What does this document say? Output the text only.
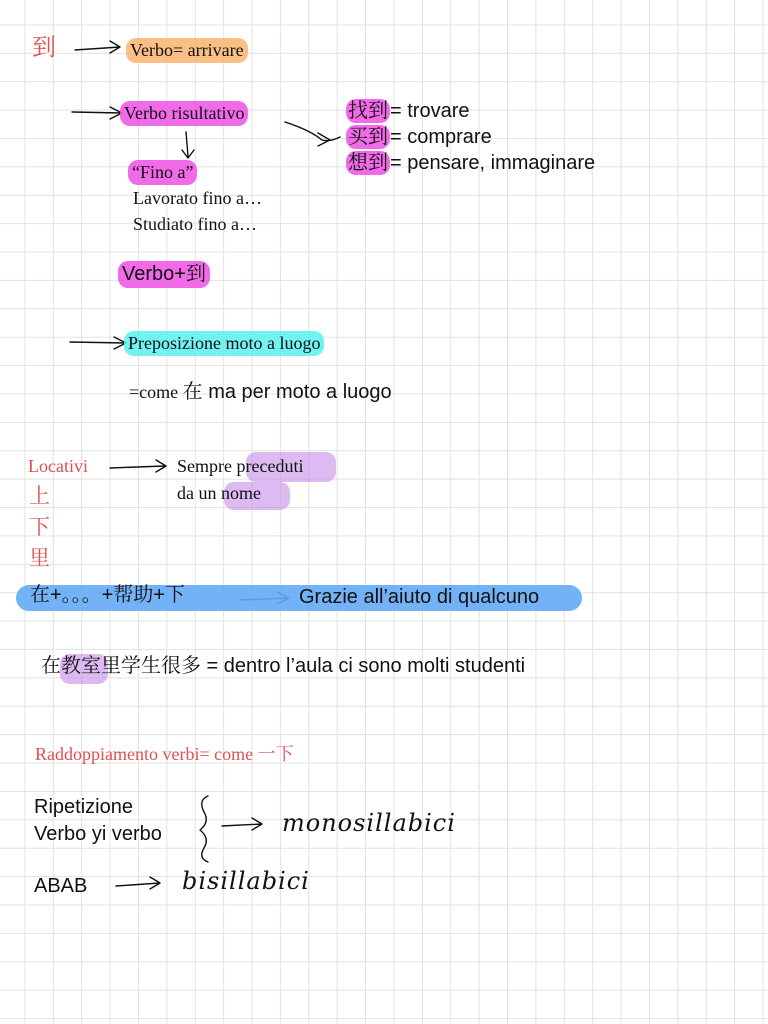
到	Verbo= arrivare
Verbo risultativo	找到 = trovare
买到 = comprare
想到 = pensare, immaginare
“Fino a”
Lavorato fino a…
Studiato fino a…
Verbo+到
Preposizione moto a luogo
=come 在 ma per moto a luogo
Locativi
上
下
里
Sempre preceduti
da un nome
在+。。。+帮助+下	Grazie all’aiuto di qualcuno
在教室里学生很多 = dentro l’aula ci sono molti studenti
Raddoppiamento verbi= come 一下
Ripetizione
Verbo yi verbo	monosillabici
ABAB	bisillabici
